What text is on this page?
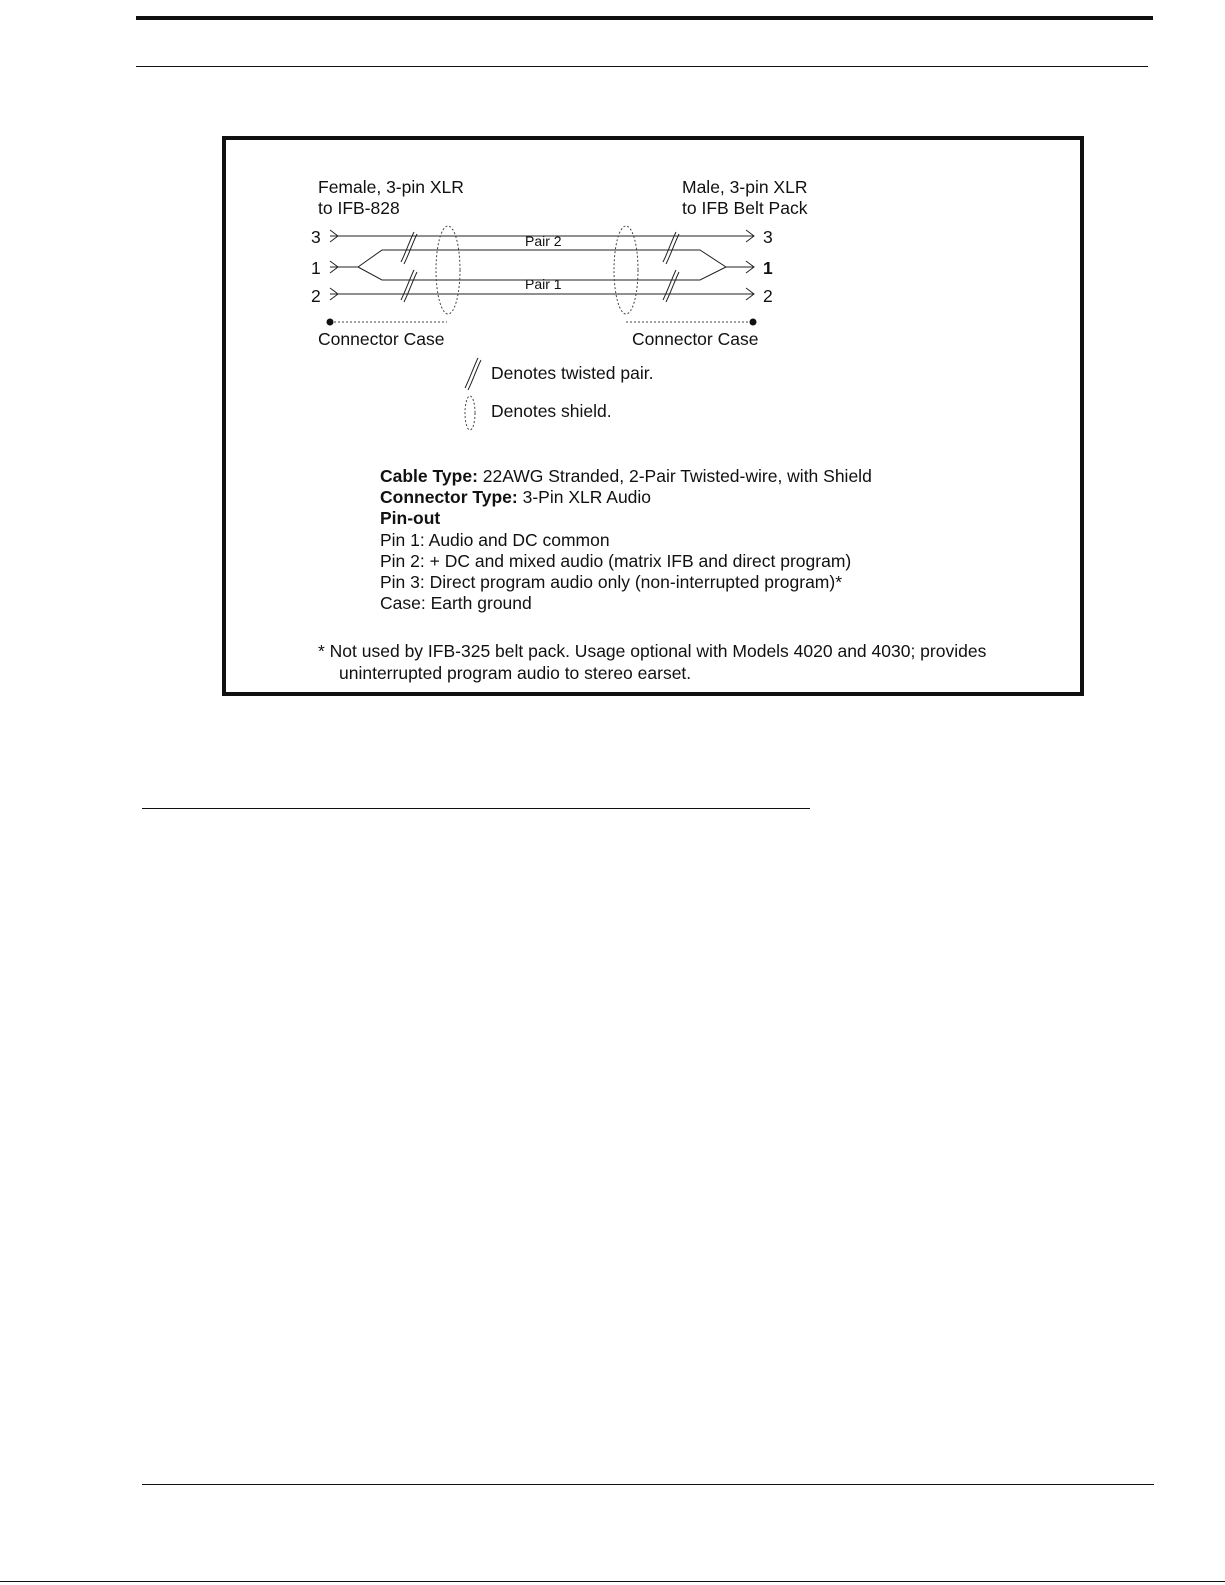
Female, 3-pin XLR
to IFB-828
Male, 3-pin XLR
to IFB Belt Pack
3
1
2
3
1
2
Pair 2
Pair 1
Connector Case	Connector Case
Denotes twisted pair.
Denotes shield.
Cable Type: 22AWG Stranded, 2-Pair Twisted-wire, with Shield
Connector Type: 3-Pin XLR Audio
Pin-out
Pin 1: Audio and DC common
Pin 2: + DC and mixed audio (matrix IFB and direct program)
Pin 3: Direct program audio only (non-interrupted program)*
Case: Earth ground
* Not used by IFB-325 belt pack. Usage optional with Models 4020 and 4030; provides
uninterrupted program audio to stereo earset.
